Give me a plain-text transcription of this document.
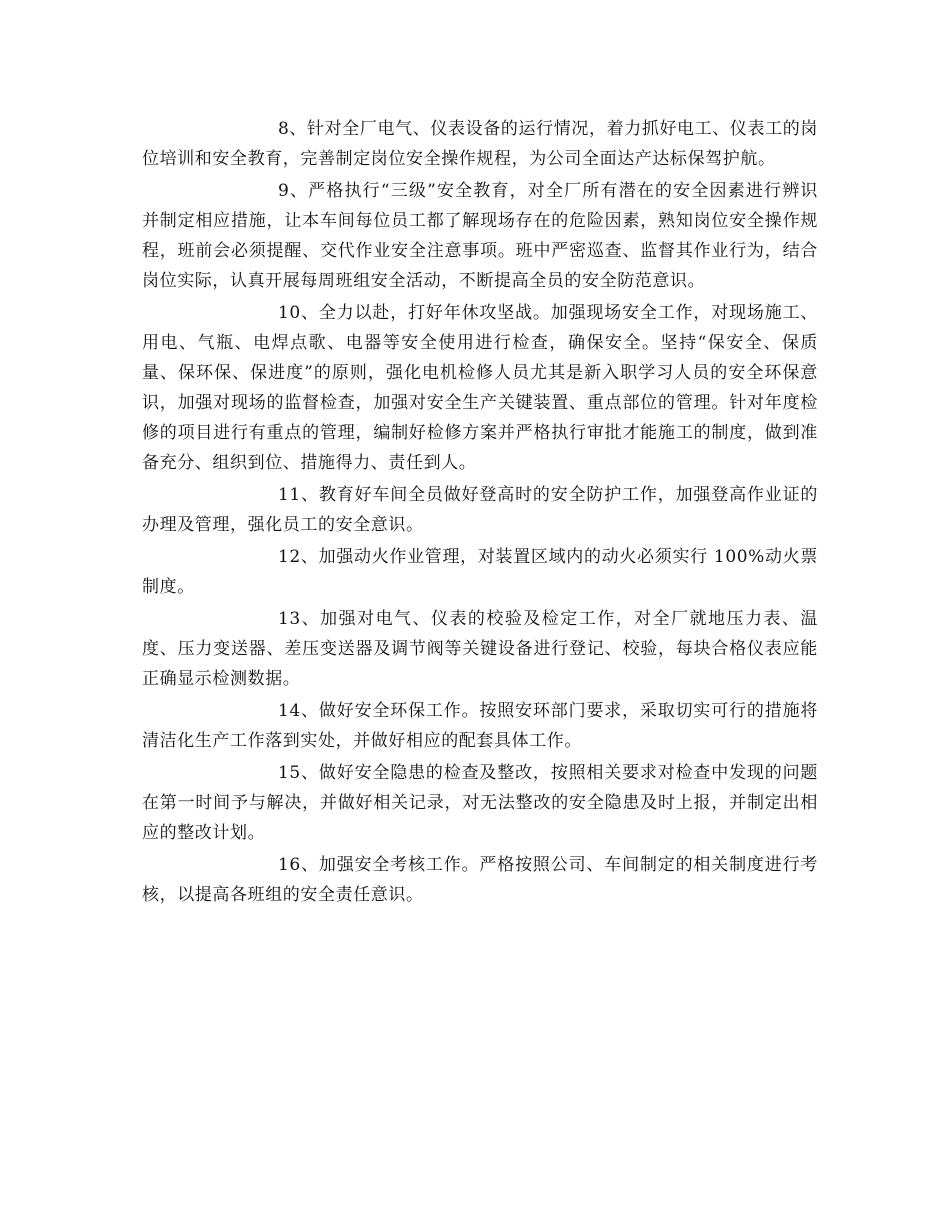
8、针对全厂电气、仪表设备的运行情况，着力抓好电工、仪表工的岗位培训和安全教育，完善制定岗位安全操作规程，为公司全面达产达标保驾护航。

9、严格执行“三级”安全教育，对全厂所有潜在的安全因素进行辨识并制定相应措施，让本车间每位员工都了解现场存在的危险因素，熟知岗位安全操作规程，班前会必须提醒、交代作业安全注意事项。班中严密巡查、监督其作业行为，结合岗位实际，认真开展每周班组安全活动，不断提高全员的安全防范意识。

10、全力以赴，打好年休攻坚战。加强现场安全工作，对现场施工、用电、气瓶、电焊点歌、电器等安全使用进行检查，确保安全。坚持“保安全、保质量、保环保、保进度”的原则，强化电机检修人员尤其是新入职学习人员的安全环保意识，加强对现场的监督检查，加强对安全生产关键装置、重点部位的管理。针对年度检修的项目进行有重点的管理，编制好检修方案并严格执行审批才能施工的制度，做到准备充分、组织到位、措施得力、责任到人。

11、教育好车间全员做好登高时的安全防护工作，加强登高作业证的办理及管理，强化员工的安全意识。

12、加强动火作业管理，对装置区域内的动火必须实行 100%动火票制度。

13、加强对电气、仪表的校验及检定工作，对全厂就地压力表、温度、压力变送器、差压变送器及调节阀等关键设备进行登记、校验，每块合格仪表应能正确显示检测数据。

14、做好安全环保工作。按照安环部门要求，采取切实可行的措施将清洁化生产工作落到实处，并做好相应的配套具体工作。

15、做好安全隐患的检查及整改，按照相关要求对检查中发现的问题在第一时间予与解决，并做好相关记录，对无法整改的安全隐患及时上报，并制定出相应的整改计划。

16、加强安全考核工作。严格按照公司、车间制定的相关制度进行考核，以提高各班组的安全责任意识。
